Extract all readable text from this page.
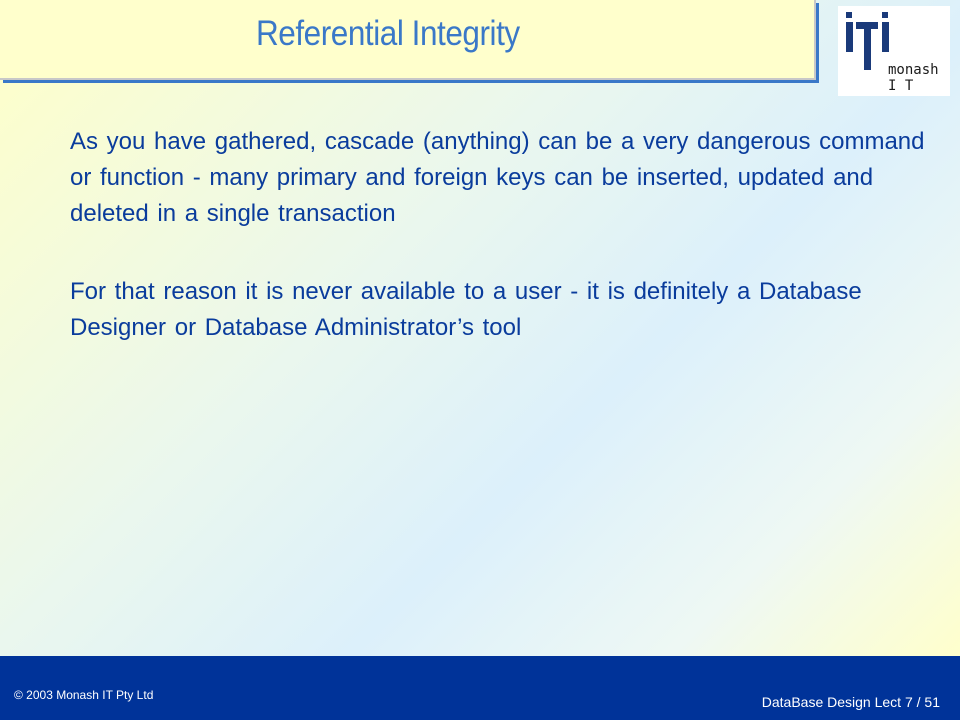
Referential Integrity

monash

I T

As you have gathered, cascade (anything) can be a very dangerous command or function - many primary and foreign keys can be inserted, updated and deleted in a single transaction

For that reason it is never available to a user - it is definitely a Database Designer or Database Administrator’s tool

© 2003 Monash IT Pty Ltd	DataBase Design Lect 7 / 51
